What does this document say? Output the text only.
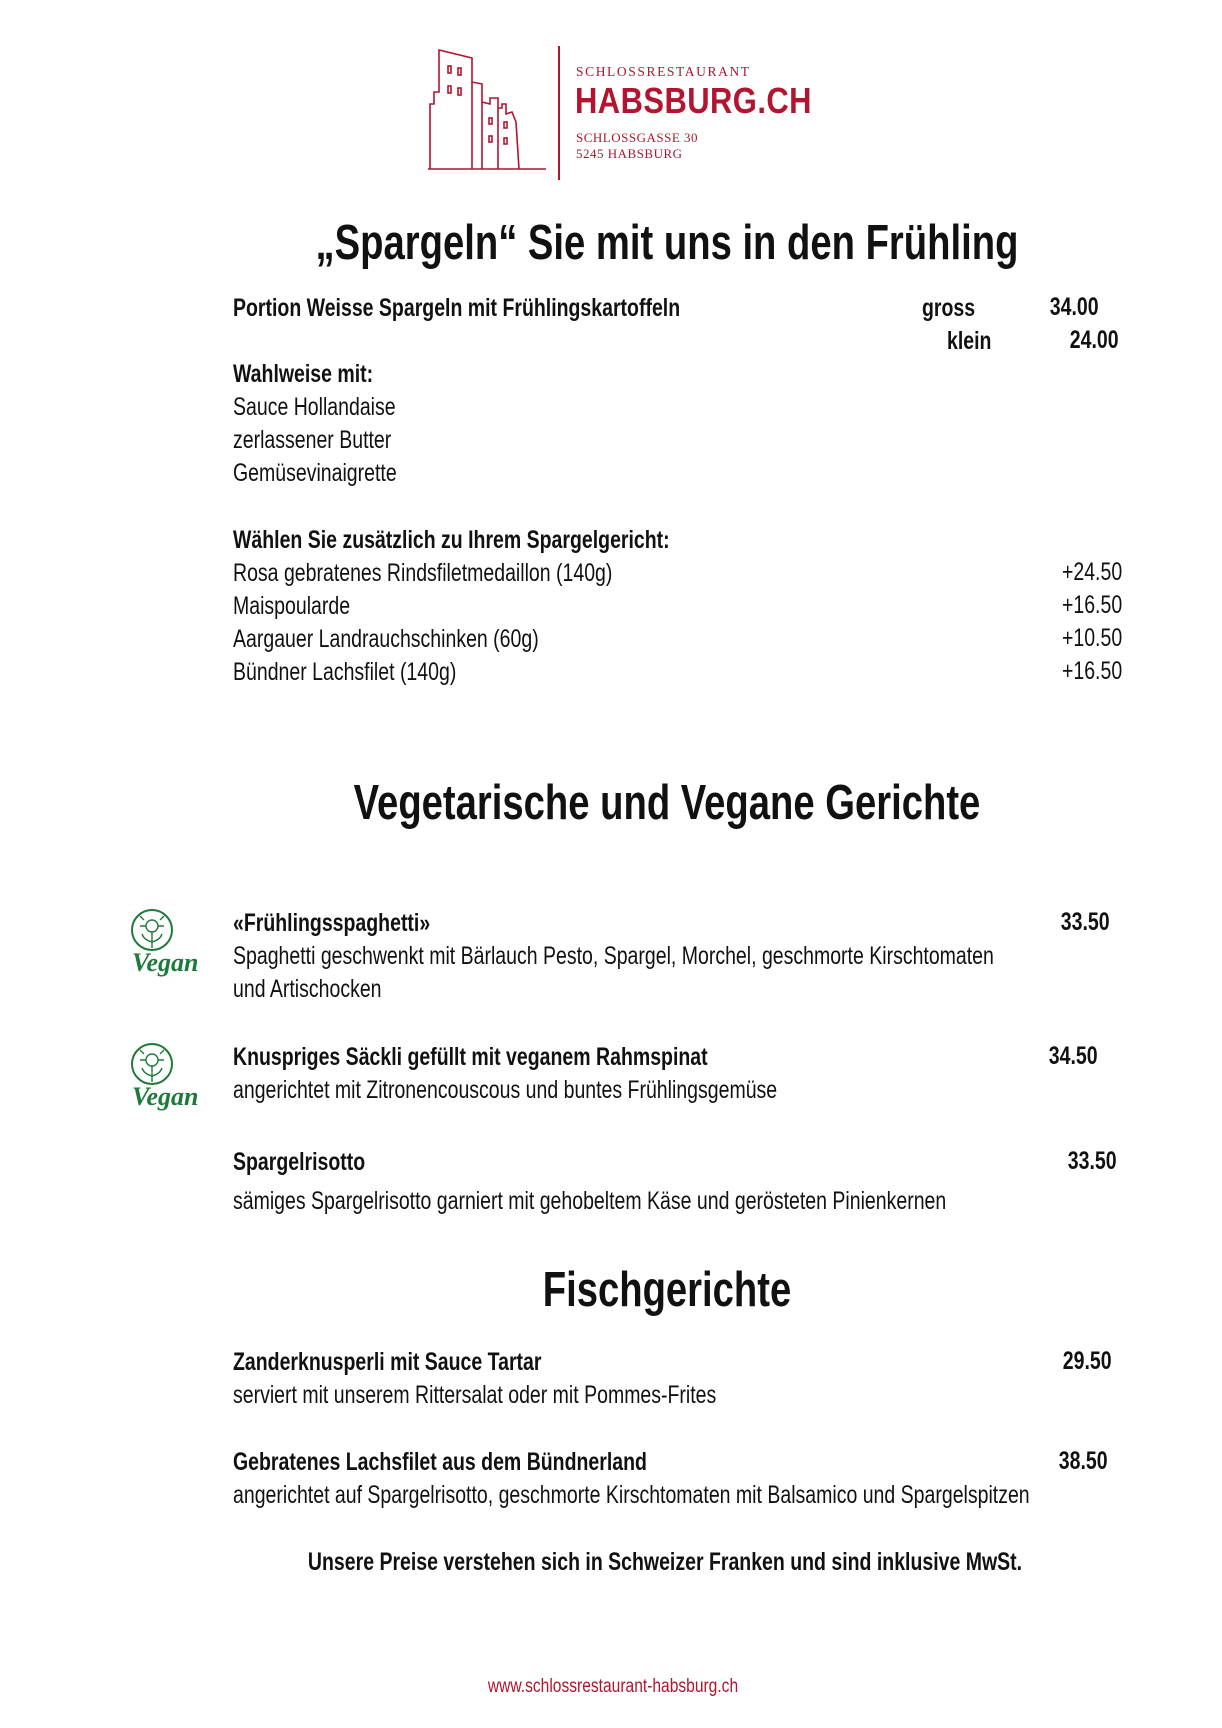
SCHLOSSRESTAURANT
HABSBURG.CH
SCHLOSSGASSE 30
5245 HABSBURG
„Spargeln“ Sie mit uns in den Frühling
Portion Weisse Spargeln mit Frühlingskartoffeln	gross	34.00
klein	24.00
Wahlweise mit:
Sauce Hollandaise
zerlassener Butter
Gemüsevinaigrette
Wählen Sie zusätzlich zu Ihrem Spargelgericht:
Rosa gebratenes Rindsfiletmedaillon (140g)	+24.50
Maispoularde	+16.50
Aargauer Landrauchschinken (60g)	+10.50
Bündner Lachsfilet (140g)	+16.50
Vegetarische und Vegane Gerichte
Vegan
«Frühlingsspaghetti»	33.50
Spaghetti geschwenkt mit Bärlauch Pesto, Spargel, Morchel, geschmorte Kirschtomaten
und Artischocken
Vegan
Knuspriges Säckli gefüllt mit veganem Rahmspinat	34.50
angerichtet mit Zitronencouscous und buntes Frühlingsgemüse
Spargelrisotto	33.50
sämiges Spargelrisotto garniert mit gehobeltem Käse und gerösteten Pinienkernen
Fischgerichte
Zanderknusperli mit Sauce Tartar	29.50
serviert mit unserem Rittersalat oder mit Pommes-Frites
Gebratenes Lachsfilet aus dem Bündnerland	38.50
angerichtet auf Spargelrisotto, geschmorte Kirschtomaten mit Balsamico und Spargelspitzen
Unsere Preise verstehen sich in Schweizer Franken und sind inklusive MwSt.
www.schlossrestaurant-habsburg.ch
